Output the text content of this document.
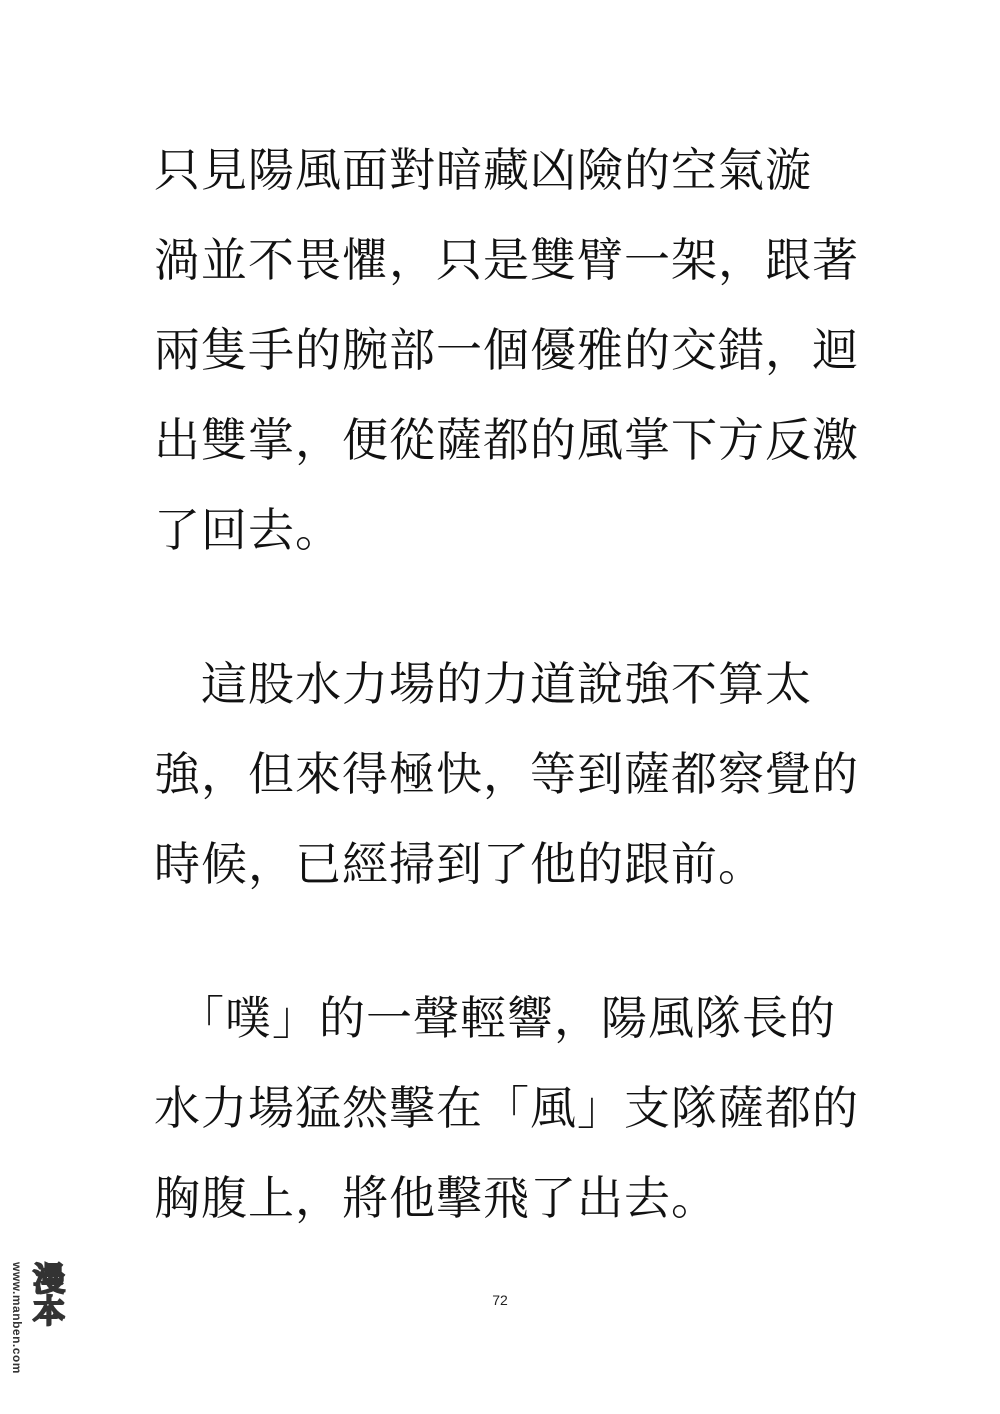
只見陽風面對暗藏凶險的空氣漩
渦並不畏懼，只是雙臂一架，跟著
兩隻手的腕部一個優雅的交錯，迴
出雙掌，便從薩都的風掌下方反激
了回去。
　這股水力場的力道說強不算太
強，但來得極快，等到薩都察覺的
時候，已經掃到了他的跟前。
　「噗」的一聲輕響，陽風隊長的
水力場猛然擊在「風」支隊薩都的
胸腹上，將他擊飛了出去。
72
www.manben.com 漫本
